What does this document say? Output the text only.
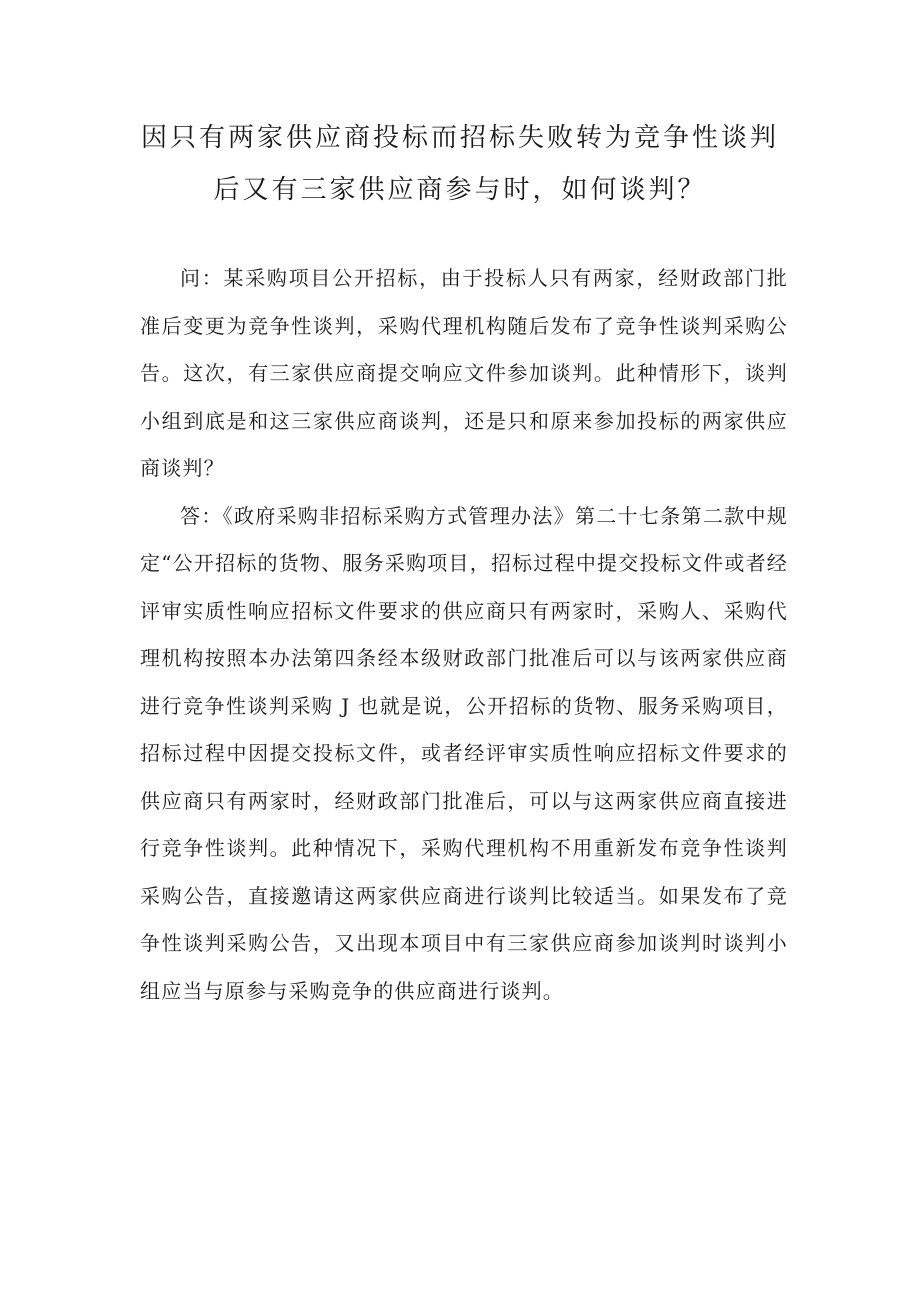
因只有两家供应商投标而招标失败转为竞争性谈判
后又有三家供应商参与时，如何谈判？

问：某采购项目公开招标，由于投标人只有两家，经财政部门批准后变更为竞争性谈判，采购代理机构随后发布了竞争性谈判采购公告。这次，有三家供应商提交响应文件参加谈判。此种情形下，谈判小组到底是和这三家供应商谈判，还是只和原来参加投标的两家供应商谈判？

答：《政府采购非招标采购方式管理办法》第二十七条第二款中规定“公开招标的货物、服务采购项目，招标过程中提交投标文件或者经评审实质性响应招标文件要求的供应商只有两家时，采购人、采购代理机构按照本办法第四条经本级财政部门批准后可以与该两家供应商进行竞争性谈判采购 J 也就是说，公开招标的货物、服务采购项目，招标过程中因提交投标文件，或者经评审实质性响应招标文件要求的供应商只有两家时，经财政部门批准后，可以与这两家供应商直接进行竞争性谈判。此种情况下，采购代理机构不用重新发布竞争性谈判采购公告，直接邀请这两家供应商进行谈判比较适当。如果发布了竞争性谈判采购公告，又出现本项目中有三家供应商参加谈判时谈判小组应当与原参与采购竞争的供应商进行谈判。
